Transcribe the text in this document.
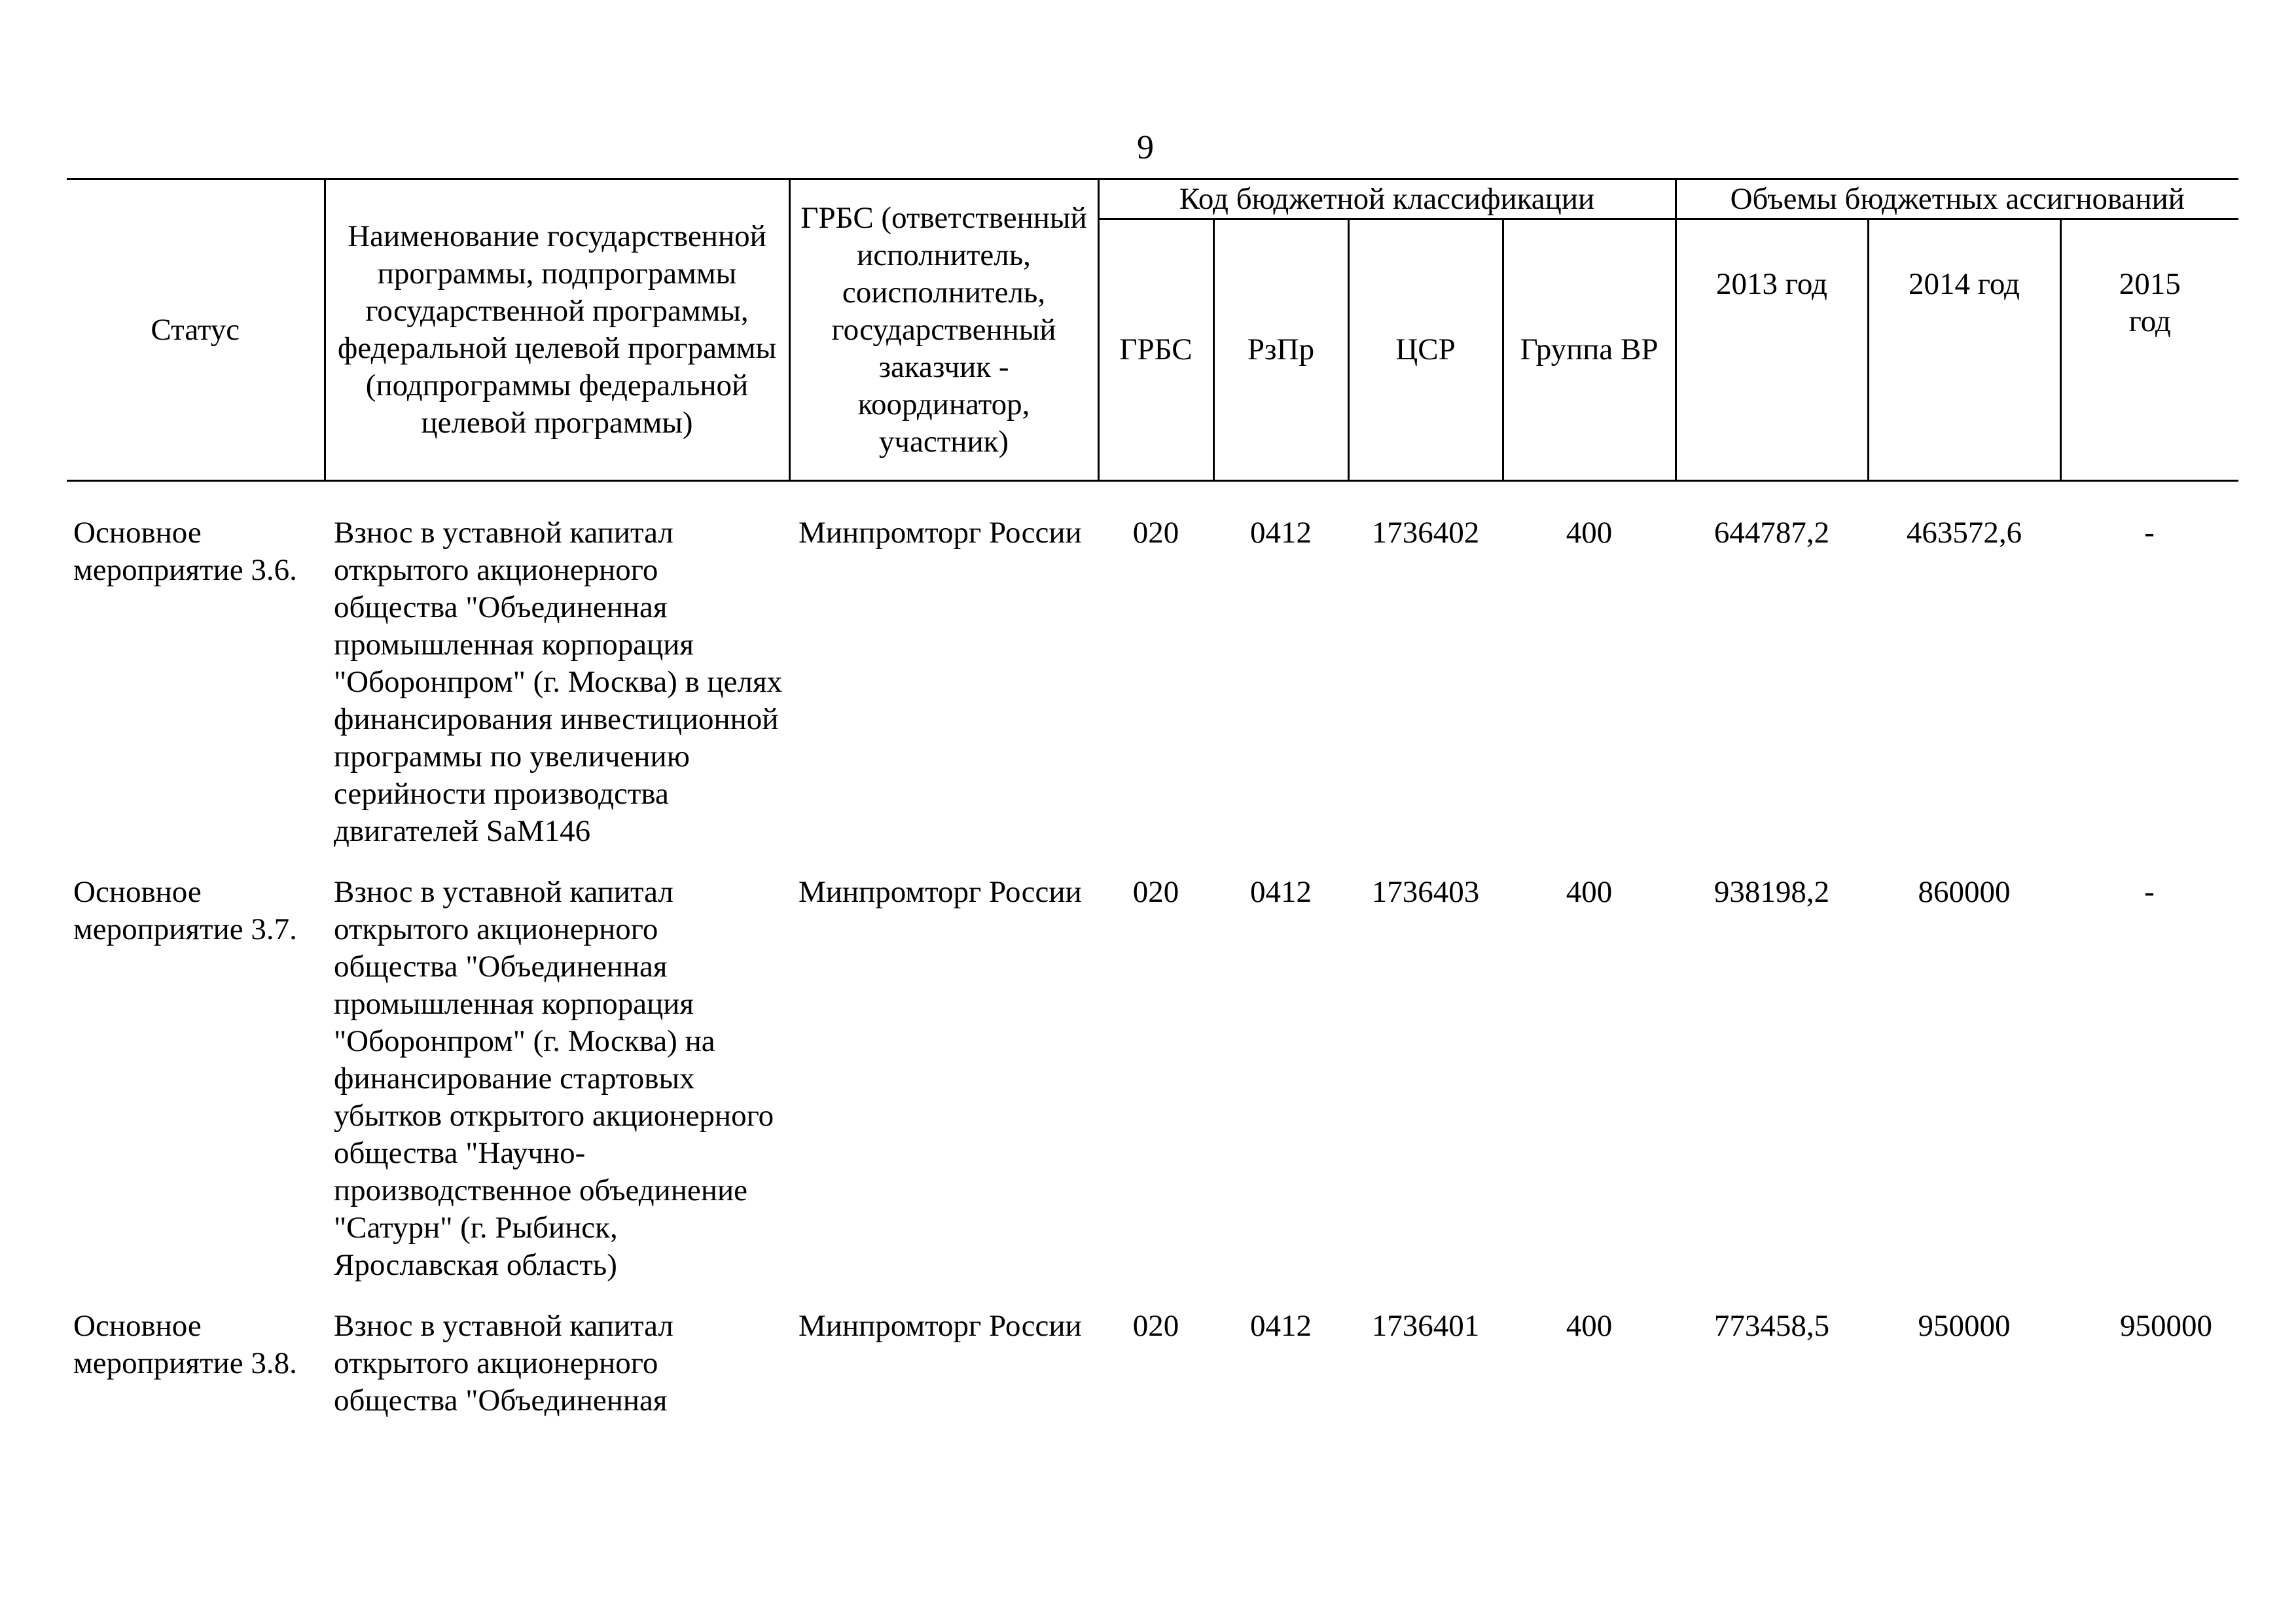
9
Статус	Наименование государственной программы, подпрограммы государственной программы, федеральной целевой программы (подпрограммы федеральной целевой программы)	ГРБС (ответственный исполнитель, соисполнитель, государственный заказчик - координатор, участник)	Код бюджетной классификации				Объемы бюджетных ассигнований		
			ГРБС	РзПр	ЦСР	Группа ВР	2013 год	2014 год	2015 год
Основное мероприятие 3.6.	Взнос в уставной капитал открытого акционерного общества "Объединенная промышленная корпорация "Оборонпром" (г. Москва) в целях финансирования инвестиционной программы по увеличению серийности производства двигателей SaM146	Минпромторг России	020	0412	1736402	400	644787,2	463572,6	-
Основное мероприятие 3.7.	Взнос в уставной капитал открытого акционерного общества "Объединенная промышленная корпорация "Оборонпром" (г. Москва) на финансирование стартовых убытков открытого акционерного общества "Научно-производственное объединение "Сатурн" (г. Рыбинск, Ярославская область)	Минпромторг России	020	0412	1736403	400	938198,2	860000	-
Основное мероприятие 3.8.	Взнос в уставной капитал открытого акционерного общества "Объединенная	Минпромторг России	020	0412	1736401	400	773458,5	950000	950000
